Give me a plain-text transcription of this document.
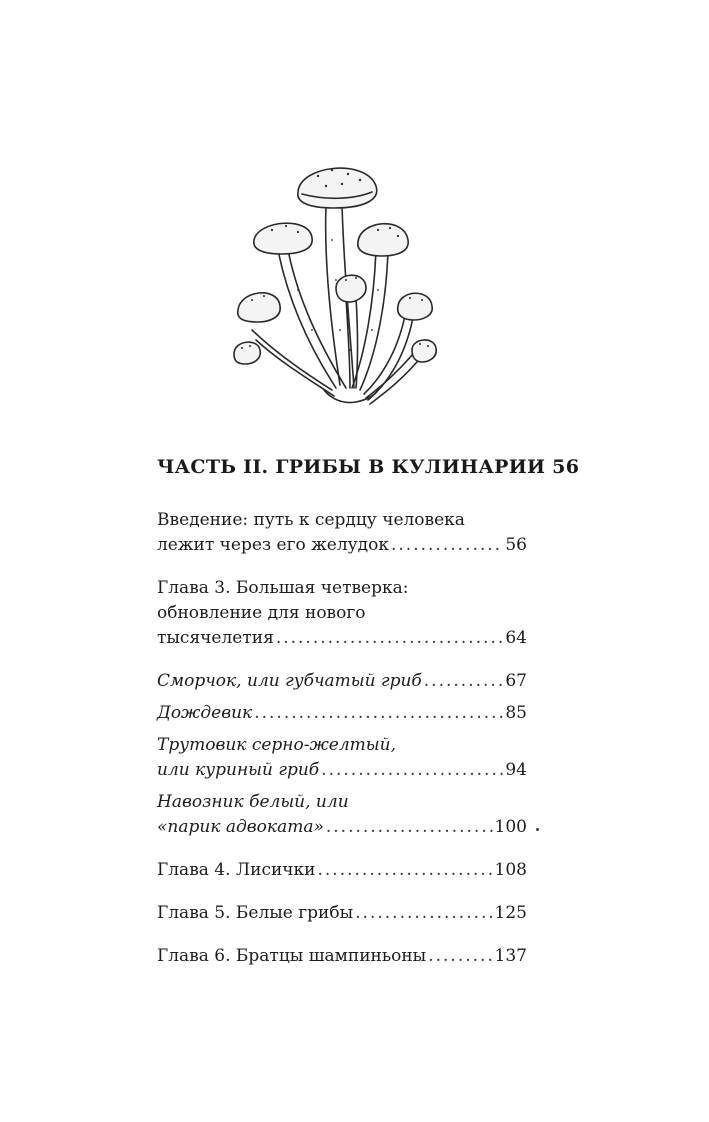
ЧАСТЬ II. ГРИБЫ В КУЛИНАРИИ 56
Введение: путь к сердцу человека
лежит через его желудок .....	56
Глава 3. Большая четверка:
обновление для нового
тысячелетия .....	64
Сморчок, или губчатый гриб .....	67
Дождевик .....	85
Трутовик серно-желтый,
или куриный гриб .....	94
Навозник белый, или
«парик адвоката» .....	100
Глава 4. Лисички .....	108
Глава 5. Белые грибы .....	125
Глава 6. Братцы шампиньоны .....	137
